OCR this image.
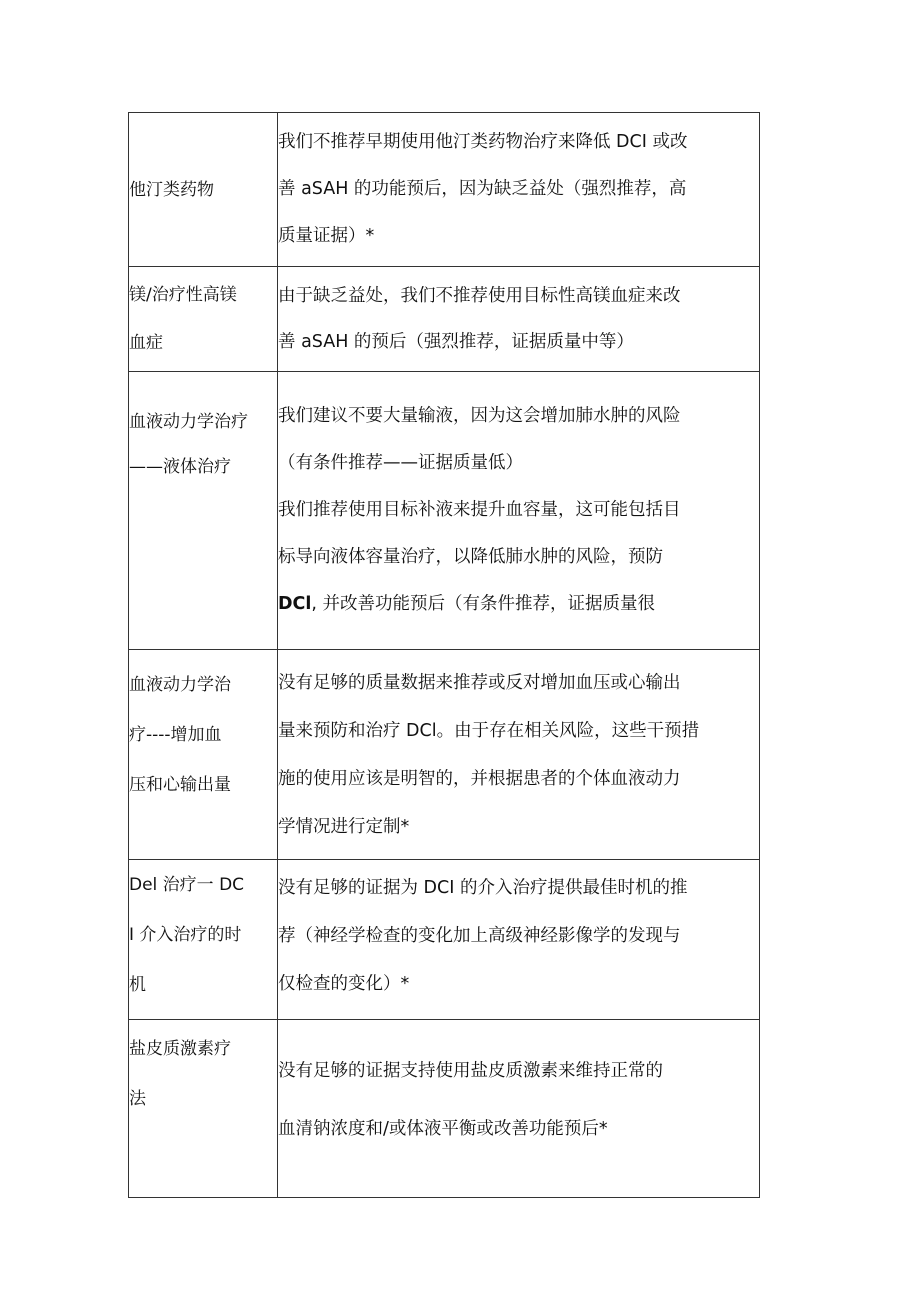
他汀类药物	我们不推荐早期使用他汀类药物治疗来降低 DCI 或改
善 aSAH 的功能预后，因为缺乏益处（强烈推荐，高
质量证据）*

镁/治疗性高镁
血症	由于缺乏益处，我们不推荐使用目标性高镁血症来改
善 aSAH 的预后（强烈推荐，证据质量中等）

血液动力学治疗
——液体治疗	我们建议不要大量输液，因为这会增加肺水肿的风险
（有条件推荐——证据质量低）
我们推荐使用目标补液来提升血容量，这可能包括目
标导向液体容量治疗，以降低肺水肿的风险，预防
DCl, 并改善功能预后（有条件推荐，证据质量很

血液动力学治
疗----增加血
压和心输出量	没有足够的质量数据来推荐或反对增加血压或心输出
量来预防和治疗 DCl。由于存在相关风险，这些干预措
施的使用应该是明智的，并根据患者的个体血液动力
学情况进行定制*

Del 治疗一 DC
I 介入治疗的时
机	没有足够的证据为 DCI 的介入治疗提供最佳时机的推
荐（神经学检查的变化加上高级神经影像学的发现与
仅检查的变化）*

盐皮质激素疗
法	没有足够的证据支持使用盐皮质激素来维持正常的
血清钠浓度和/或体液平衡或改善功能预后*
